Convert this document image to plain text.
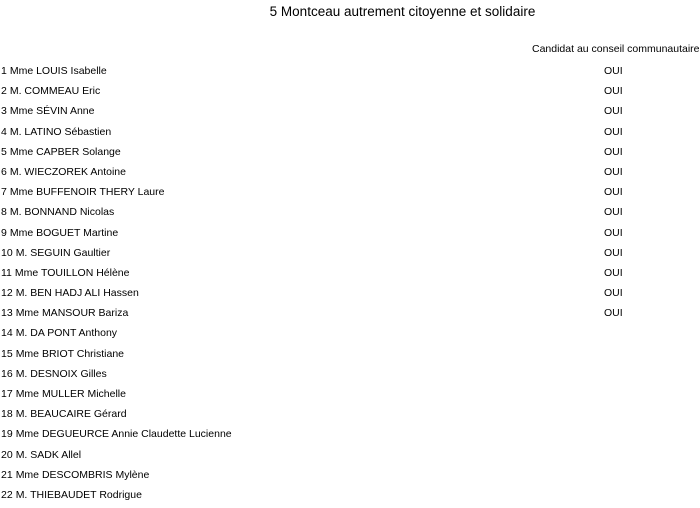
5 Montceau autrement citoyenne et solidaire
Candidat au conseil communautaire
1 Mme LOUIS Isabelle	OUI
2 M. COMMEAU Eric	OUI
3 Mme SÉVIN Anne	OUI
4 M. LATINO Sébastien	OUI
5 Mme CAPBER Solange	OUI
6 M. WIECZOREK Antoine	OUI
7 Mme BUFFENOIR THERY Laure	OUI
8 M. BONNAND Nicolas	OUI
9 Mme BOGUET Martine	OUI
10 M. SEGUIN Gaultier	OUI
11 Mme TOUILLON Hélène	OUI
12 M. BEN HADJ ALI Hassen	OUI
13 Mme MANSOUR Bariza	OUI
14 M. DA PONT Anthony
15 Mme BRIOT Christiane
16 M. DESNOIX Gilles
17 Mme MULLER Michelle
18 M. BEAUCAIRE Gérard
19 Mme DEGUEURCE Annie Claudette Lucienne
20 M. SADK Allel
21 Mme DESCOMBRIS Mylène
22 M. THIEBAUDET Rodrigue
